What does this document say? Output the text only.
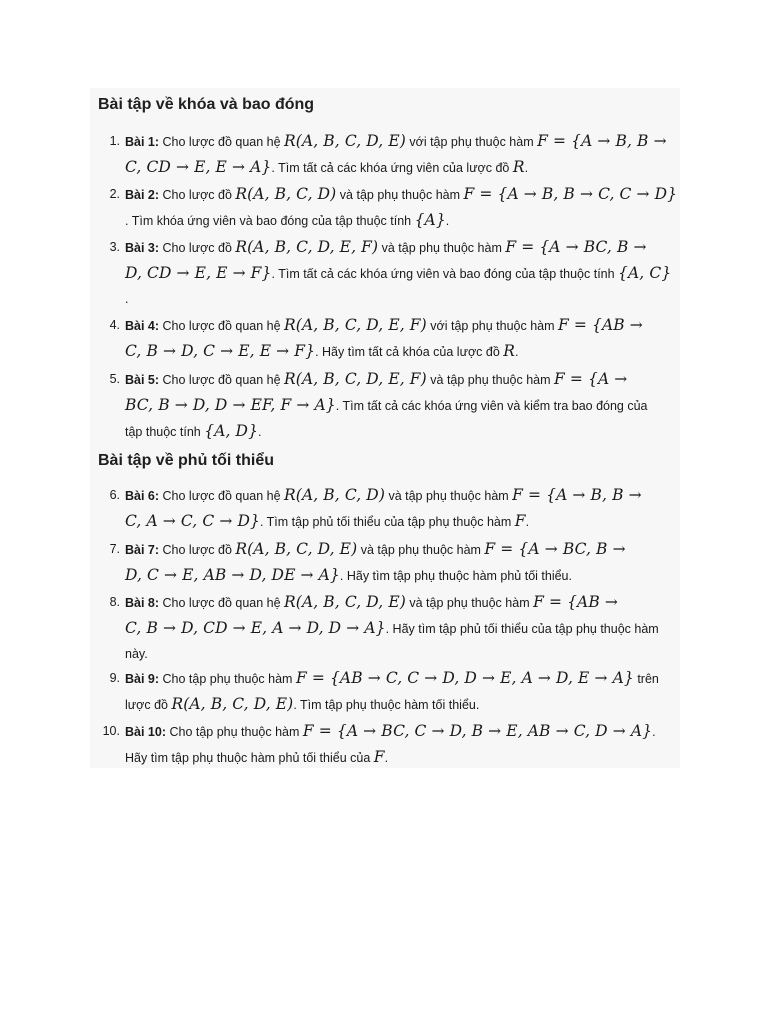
Bài tập về khóa và bao đóng
1. Bài 1: Cho lược đồ quan hệ R(A, B, C, D, E) với tập phụ thuộc hàm F = {A → B, B →
C, CD → E, E → A}. Tìm tất cả các khóa ứng viên của lược đồ R.
2. Bài 2: Cho lược đồ R(A, B, C, D) và tập phụ thuộc hàm F = {A → B, B → C, C → D}
. Tìm khóa ứng viên và bao đóng của tập thuộc tính {A}.
3. Bài 3: Cho lược đồ R(A, B, C, D, E, F) và tập phụ thuộc hàm F = {A → BC, B →
D, CD → E, E → F}. Tìm tất cả các khóa ứng viên và bao đóng của tập thuộc tính {A, C}
.
4. Bài 4: Cho lược đồ quan hệ R(A, B, C, D, E, F) với tập phụ thuộc hàm F = {AB →
C, B → D, C → E, E → F}. Hãy tìm tất cả khóa của lược đồ R.
5. Bài 5: Cho lược đồ quan hệ R(A, B, C, D, E, F) và tập phụ thuộc hàm F = {A →
BC, B → D, D → EF, F → A}. Tìm tất cả các khóa ứng viên và kiểm tra bao đóng của
tập thuộc tính {A, D}.
Bài tập về phủ tối thiểu
6. Bài 6: Cho lược đồ quan hệ R(A, B, C, D) và tập phụ thuộc hàm F = {A → B, B →
C, A → C, C → D}. Tìm tập phủ tối thiểu của tập phụ thuộc hàm F.
7. Bài 7: Cho lược đồ R(A, B, C, D, E) và tập phụ thuộc hàm F = {A → BC, B →
D, C → E, AB → D, DE → A}. Hãy tìm tập phụ thuộc hàm phủ tối thiểu.
8. Bài 8: Cho lược đồ quan hệ R(A, B, C, D, E) và tập phụ thuộc hàm F = {AB →
C, B → D, CD → E, A → D, D → A}. Hãy tìm tập phủ tối thiểu của tập phụ thuộc hàm
này.
9. Bài 9: Cho tập phụ thuộc hàm F = {AB → C, C → D, D → E, A → D, E → A} trên
lược đồ R(A, B, C, D, E). Tìm tập phụ thuộc hàm tối thiểu.
10. Bài 10: Cho tập phụ thuộc hàm F = {A → BC, C → D, B → E, AB → C, D → A}.
Hãy tìm tập phụ thuộc hàm phủ tối thiểu của F.
